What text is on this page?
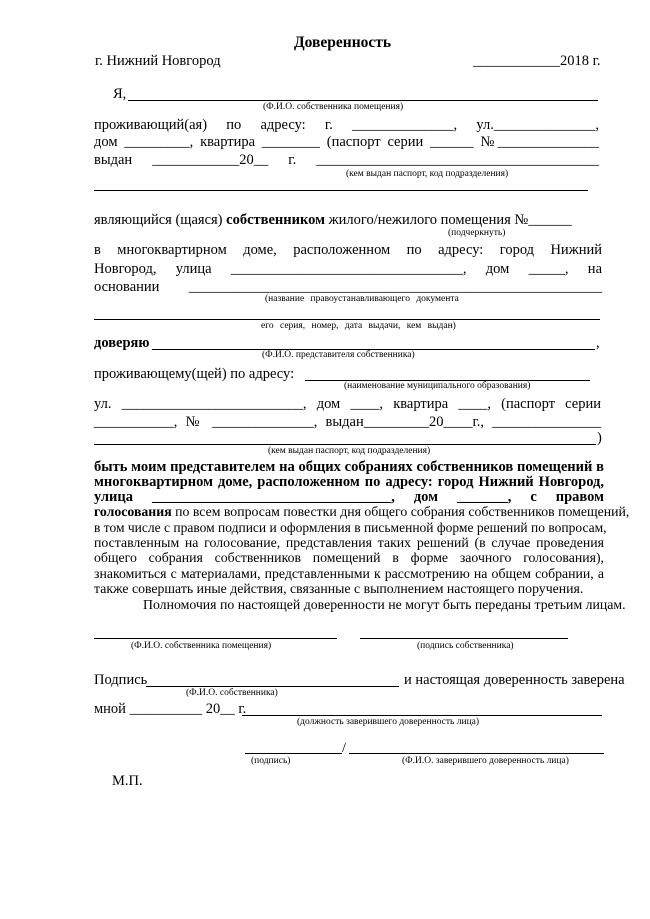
Доверенность
г. Нижний Новгород	____________2018 г.
Я,
(Ф.И.О. собственника помещения)
проживающий(ая) по адресу: г. ______________, ул.______________,
дом _________, квартира ________ (паспорт серии ______ №______________
выдан ____________20__ г. _______________________________________
(кем выдан паспорт, код подразделения)
являющийся (щаяся) собственником жилого/нежилого помещения №______
(подчеркнуть)
в многоквартирном доме, расположенном по адресу: город Нижний
Новгород, улица ________________________________, дом _____, на
основании _________________________________________________________
(название правоустанавливающего документа
его серия, номер, дата выдачи, кем выдан)
доверяю	,
(Ф.И.О. представителя собственника)
проживающему(щей) по адресу:
(наименование муниципального образования)
ул. _________________________, дом ____, квартира ____, (паспорт серии
___________, № ______________, выдан_________20____г., _______________
)
(кем выдан паспорт, код подразделения)
быть моим представителем на общих собраниях собственников помещений в
многоквартирном доме, расположенном по адресу: город Нижний Новгород,
улица _________________________________, дом _______, с правом
голосования по всем вопросам повестки дня общего собрания собственников помещений,
в том числе с правом подписи и оформления в письменной форме решений по вопросам,
поставленным на голосование, представления таких решений (в случае проведения
общего собрания собственников помещений в форме заочного голосования),
знакомиться с материалами, представленными к рассмотрению на общем собрании, а
также совершать иные действия, связанные с выполнением настоящего поручения.
Полномочия по настоящей доверенности не могут быть переданы третьим лицам.
(Ф.И.О. собственника помещения)	(подпись собственника)
Подпись	и настоящая доверенность заверена
(Ф.И.О. собственника)
мной __________ 20__ г.
(должность заверившего доверенность лица)
/
(подпись)	(Ф.И.О. заверившего доверенность лица)
М.П.
